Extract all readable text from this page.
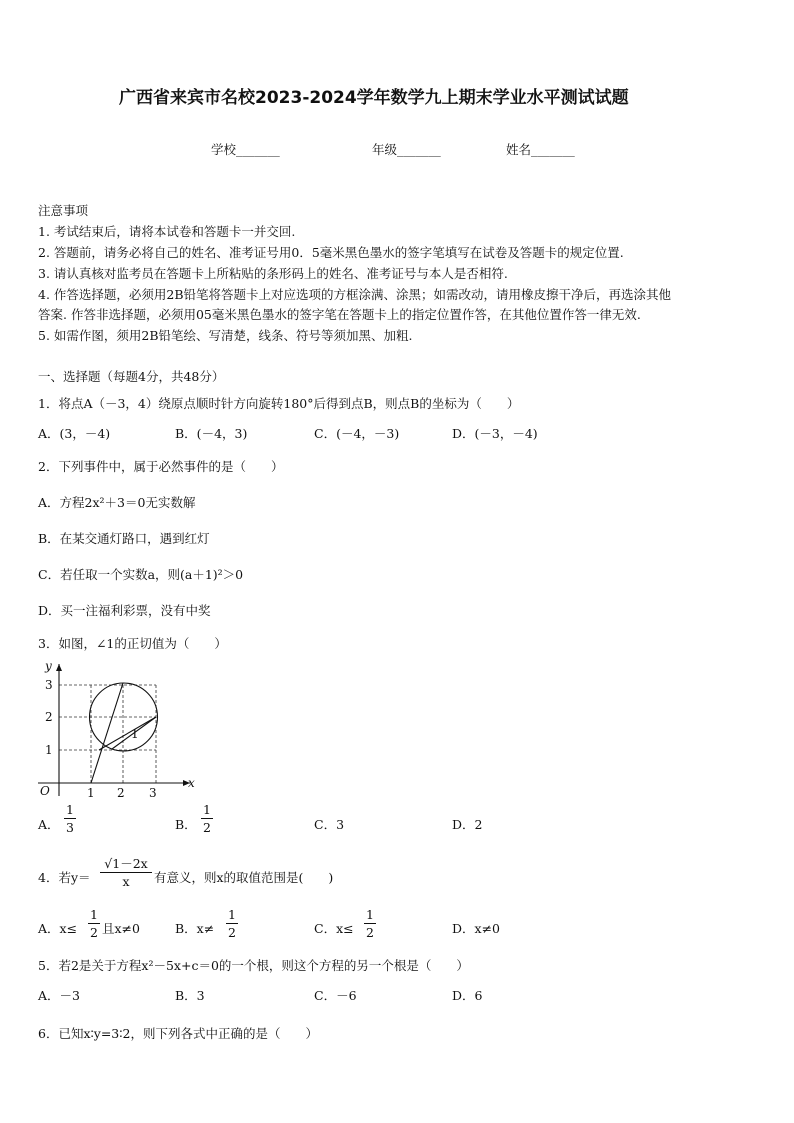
广西省来宾市名校2023-2024学年数学九上期末学业水平测试试题
学校_______	年级_______	姓名_______
注意事项
1. 考试结束后，请将本试卷和答题卡一并交回.
2. 答题前，请务必将自己的姓名、准考证号用0．5毫米黑色墨水的签字笔填写在试卷及答题卡的规定位置.
3. 请认真核对监考员在答题卡上所粘贴的条形码上的姓名、准考证号与本人是否相符.
4. 作答选择题，必须用2B铅笔将答题卡上对应选项的方框涂满、涂黑；如需改动，请用橡皮擦干净后，再选涂其他
答案. 作答非选择题，必须用05毫米黑色墨水的签字笔在答题卡上的指定位置作答，在其他位置作答一律无效.
5. 如需作图，须用2B铅笔绘、写清楚，线条、符号等须加黑、加粗.
一、选择题（每题4分，共48分）
1．将点A（－3，4）绕原点顺时针方向旋转180°后得到点B，则点B的坐标为（　　）
A．(3，－4)	B．(－4，3)	C．(－4，－3)	D．(－3，－4)
2．下列事件中，属于必然事件的是（　　）
A．方程2x²＋3＝0无实数解
B．在某交通灯路口，遇到红灯
C．若任取一个实数a，则(a＋1)²＞0
D．买一注福利彩票，没有中奖
3．如图，∠1的正切值为（　　）
y
x
O	1 2 3
1
2
3
1
A．
1
3	B．
1
2	C．3	D．2
4．若y＝
√1－2x
x	有意义，则x的取值范围是(　　)
A．x≤
1
2 且x≠0	B．x≠
1
2	C．x≤
1
2	D．x≠0
5．若2是关于方程x²－5x+c＝0的一个根，则这个方程的另一个根是（　　）
A．－3	B．3	C．－6	D．6
6．已知x∶y=3∶2，则下列各式中正确的是（　　）
